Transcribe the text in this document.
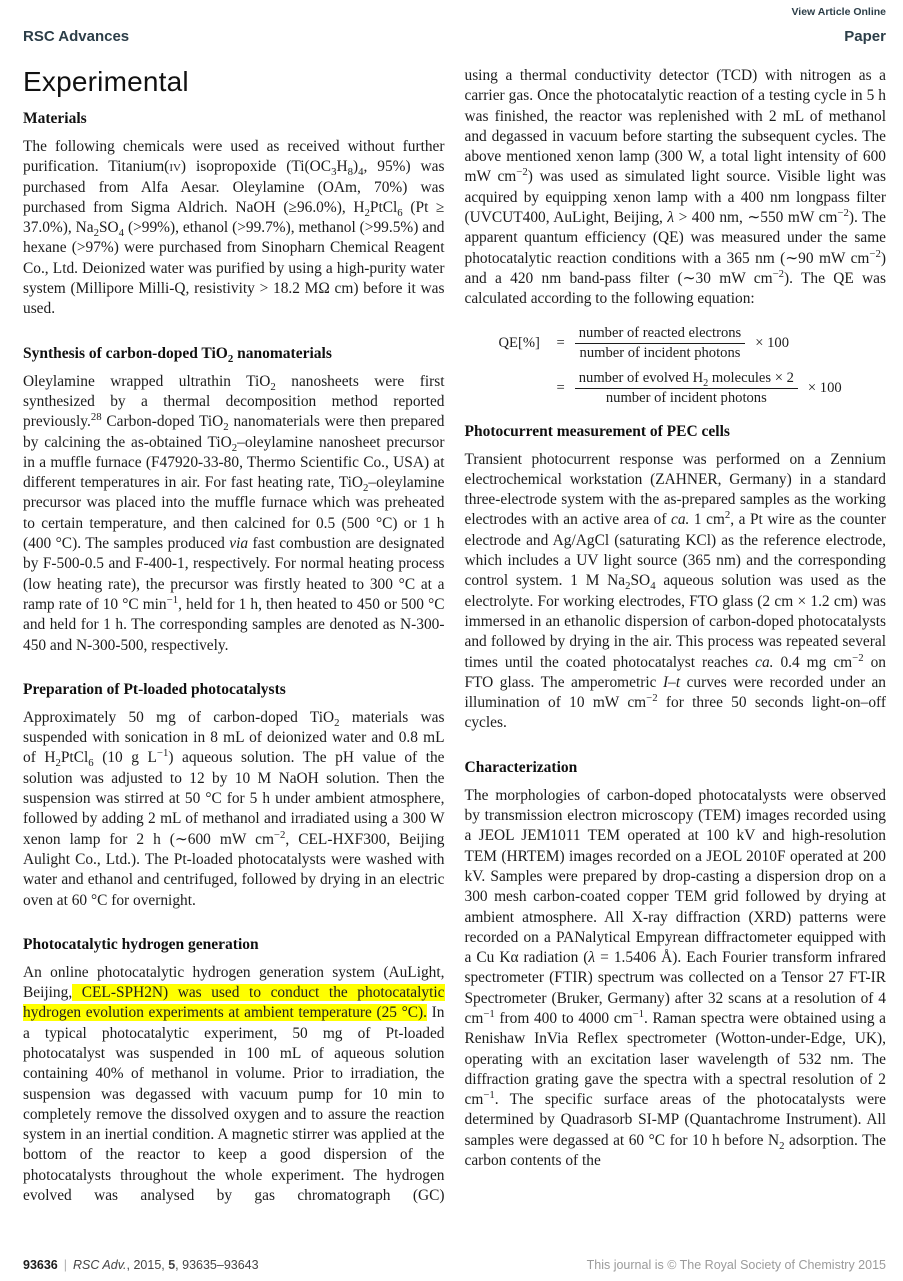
View Article Online
RSC Advances	Paper
Experimental
Materials

The following chemicals were used as received without further purification. Titanium(iv) isopropoxide ($Ti(OC_3H_8)_4$, 95%) was purchased from Alfa Aesar. Oleylamine (OAm, 70%) was purchased from Sigma Aldrich. NaOH (≥96.0%), $H_2PtCl_6$ (Pt ≥ 37.0%), $Na_2SO_4$ (>99%), ethanol (>99.7%), methanol (>99.5%) and hexane (>97%) were purchased from Sinopharn Chemical Reagent Co., Ltd. Deionized water was purified by using a high-purity water system (Millipore Milli-Q, resistivity > 18.2 MΩ cm) before it was used.

Synthesis of carbon-doped TiO$_2$ nanomaterials

Oleylamine wrapped ultrathin TiO$_2$ nanosheets were first synthesized by a thermal decomposition method reported previously.$^{28}$ Carbon-doped TiO$_2$ nanomaterials were then prepared by calcining the as-obtained TiO$_2$–oleylamine nanosheet precursor in a muffle furnace (F47920-33-80, Thermo Scientific Co., USA) at different temperatures in air. For fast heating rate, TiO$_2$–oleylamine precursor was placed into the muffle furnace which was preheated to certain temperature, and then calcined for 0.5 (500 °C) or 1 h (400 °C). The samples produced via fast combustion are designated by F-500-0.5 and F-400-1, respectively. For normal heating process (low heating rate), the precursor was firstly heated to 300 °C at a ramp rate of 10 °C $\min^{-1}$, held for 1 h, then heated to 450 or 500 °C and held for 1 h. The corresponding samples are denoted as N-300-450 and N-300-500, respectively.

Preparation of Pt-loaded photocatalysts

Approximately 50 mg of carbon-doped TiO$_2$ materials was suspended with sonication in 8 mL of deionized water and 0.8 mL of $H_2PtCl_6$ (10 g $L^{-1}$) aqueous solution. The pH value of the solution was adjusted to 12 by 10 M NaOH solution. Then the suspension was stirred at 50 °C for 5 h under ambient atmosphere, followed by adding 2 mL of methanol and irradiated using a 300 W xenon lamp for 2 h (∼600 mW $cm^{-2}$, CEL-HXF300, Beijing Aulight Co., Ltd.). The Pt-loaded photocatalysts were washed with water and ethanol and centrifuged, followed by drying in an electric oven at 60 °C for overnight.

Photocatalytic hydrogen generation

An online photocatalytic hydrogen generation system (AuLight, Beijing, CEL-SPH2N) was used to conduct the photocatalytic hydrogen evolution experiments at ambient temperature (25 °C). In a typical photocatalytic experiment, 50 mg of Pt-loaded photocatalyst was suspended in 100 mL of aqueous solution containing 40% of methanol in volume. Prior to irradiation, the suspension was degassed with vacuum pump for 10 min to completely remove the dissolved oxygen and to assure the reaction system in an inertial condition. A magnetic stirrer was applied at the bottom of the reactor to keep a good dispersion of the photocatalysts throughout the whole experiment. The hydrogen evolved was analysed by gas chromatograph (GC)

using a thermal conductivity detector (TCD) with nitrogen as a carrier gas. Once the photocatalytic reaction of a testing cycle in 5 h was finished, the reactor was replenished with 2 mL of methanol and degassed in vacuum before starting the subsequent cycles. The above mentioned xenon lamp (300 W, a total light intensity of 600 mW $cm^{-2}$) was used as simulated light source. Visible light was acquired by equipping xenon lamp with a 400 nm longpass filter (UVCUT400, AuLight, Beijing, λ > 400 nm, ∼550 mW $cm^{-2}$). The apparent quantum efficiency (QE) was measured under the same photocatalytic reaction conditions with a 365 nm (∼90 mW $cm^{-2}$) and a 420 nm band-pass filter (∼30 mW $cm^{-2}$). The QE was calculated according to the following equation:

QE[%]	= $\frac{\text{number of reacted electrons}}{\text{number of incident photons}} \times 100$
= $\frac{number of evolved H_2 molecules \times 2}{\text{number of incident photons}} \times 100$
Photocurrent measurement of PEC cells

Transient photocurrent response was performed on a Zennium electrochemical workstation (ZAHNER, Germany) in a standard three-electrode system with the as-prepared samples as the working electrodes with an active area of ca. 1 $cm^2$, a Pt wire as the counter electrode and Ag/AgCl (saturating KCl) as the reference electrode, which includes a UV light source (365 nm) and the corresponding control system. 1 M $Na_2SO_4$ aqueous solution was used as the electrolyte. For working electrodes, FTO glass (2 cm × 1.2 cm) was immersed in an ethanolic dispersion of carbon-doped photocatalysts and followed by drying in the air. This process was repeated several times until the coated photocatalyst reaches ca. 0.4 mg $cm^{-2}$ on FTO glass. The amperometric I–t curves were recorded under an illumination of 10 mW $cm^{-2}$ for three 50 seconds light-on–off cycles.

Characterization

The morphologies of carbon-doped photocatalysts were observed by transmission electron microscopy (TEM) images recorded using a JEOL JEM1011 TEM operated at 100 kV and high-resolution TEM (HRTEM) images recorded on a JEOL 2010F operated at 200 kV. Samples were prepared by drop-casting a dispersion drop on a 300 mesh carbon-coated copper TEM grid followed by drying at ambient atmosphere. All X-ray diffraction (XRD) patterns were recorded on a PANalytical Empyrean diffractometer equipped with a Cu Kα radiation (λ = 1.5406 Å). Each Fourier transform infrared spectrometer (FTIR) spectrum was collected on a Tensor 27 FT-IR Spectrometer (Bruker, Germany) after 32 scans at a resolution of 4 $cm^{-1}$ from 400 to 4000 $cm^{-1}$. Raman spectra were obtained using a Renishaw InVia Reflex spectrometer (Wotton-under-Edge, UK), operating with an excitation laser wavelength of 532 nm. The diffraction grating gave the spectra with a spectral resolution of 2 $cm^{-1}$. The specific surface areas of the photocatalysts were determined by Quadrasorb SI-MP (Quantachrome Instrument). All samples were degassed at 60 °C for 10 h before $N_2$ adsorption. The carbon contents of the

93636 | RSC Adv., 2015, 5, 93635–93643	This journal is © The Royal Society of Chemistry 2015
